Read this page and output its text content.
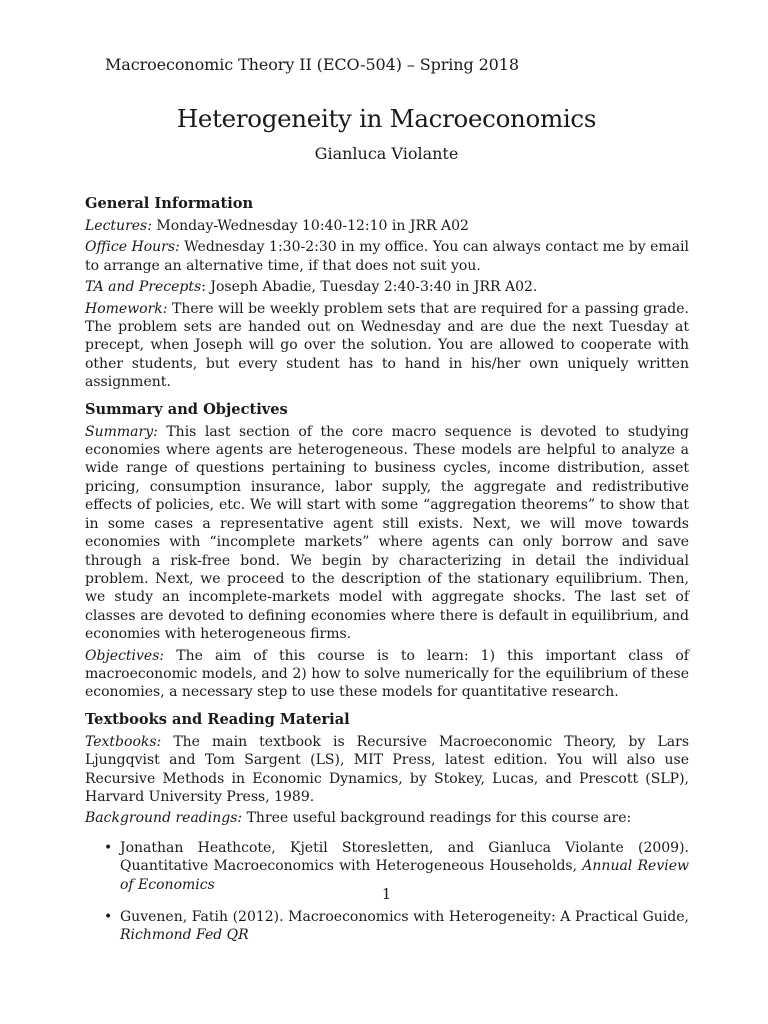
Macroeconomic Theory II (ECO-504) – Spring 2018
Heterogeneity in Macroeconomics
Gianluca Violante
General Information

Lectures: Monday-Wednesday 10:40-12:10 in JRR A02

Office Hours: Wednesday 1:30-2:30 in my office. You can always contact me by email to arrange an alternative time, if that does not suit you.

TA and Precepts: Joseph Abadie, Tuesday 2:40-3:40 in JRR A02.

Homework: There will be weekly problem sets that are required for a passing grade. The problem sets are handed out on Wednesday and are due the next Tuesday at precept, when Joseph will go over the solution. You are allowed to cooperate with other students, but every student has to hand in his/her own uniquely written assignment.

Summary and Objectives

Summary: This last section of the core macro sequence is devoted to studying economies where agents are heterogeneous. These models are helpful to analyze a wide range of questions pertaining to business cycles, income distribution, asset pricing, consumption insurance, labor supply, the aggregate and redistributive effects of policies, etc. We will start with some “aggregation theorems” to show that in some cases a representative agent still exists. Next, we will move towards economies with “incomplete markets” where agents can only borrow and save through a risk-free bond. We begin by characterizing in detail the individual problem. Next, we proceed to the description of the stationary equilibrium. Then, we study an incomplete-markets model with aggregate shocks. The last set of classes are devoted to defining economies where there is default in equilibrium, and economies with heterogeneous firms.

Objectives: The aim of this course is to learn: 1) this important class of macroeconomic models, and 2) how to solve numerically for the equilibrium of these economies, a necessary step to use these models for quantitative research.

Textbooks and Reading Material

Textbooks: The main textbook is Recursive Macroeconomic Theory, by Lars Ljungqvist and Tom Sargent (LS), MIT Press, latest edition. You will also use Recursive Methods in Economic Dynamics, by Stokey, Lucas, and Prescott (SLP), Harvard University Press, 1989.

Background readings: Three useful background readings for this course are:

• Jonathan Heathcote, Kjetil Storesletten, and Gianluca Violante (2009). Quantitative Macroeconomics with Heterogeneous Households, Annual Review of Economics
• Guvenen, Fatih (2012). Macroeconomics with Heterogeneity: A Practical Guide, Richmond Fed QR
1
